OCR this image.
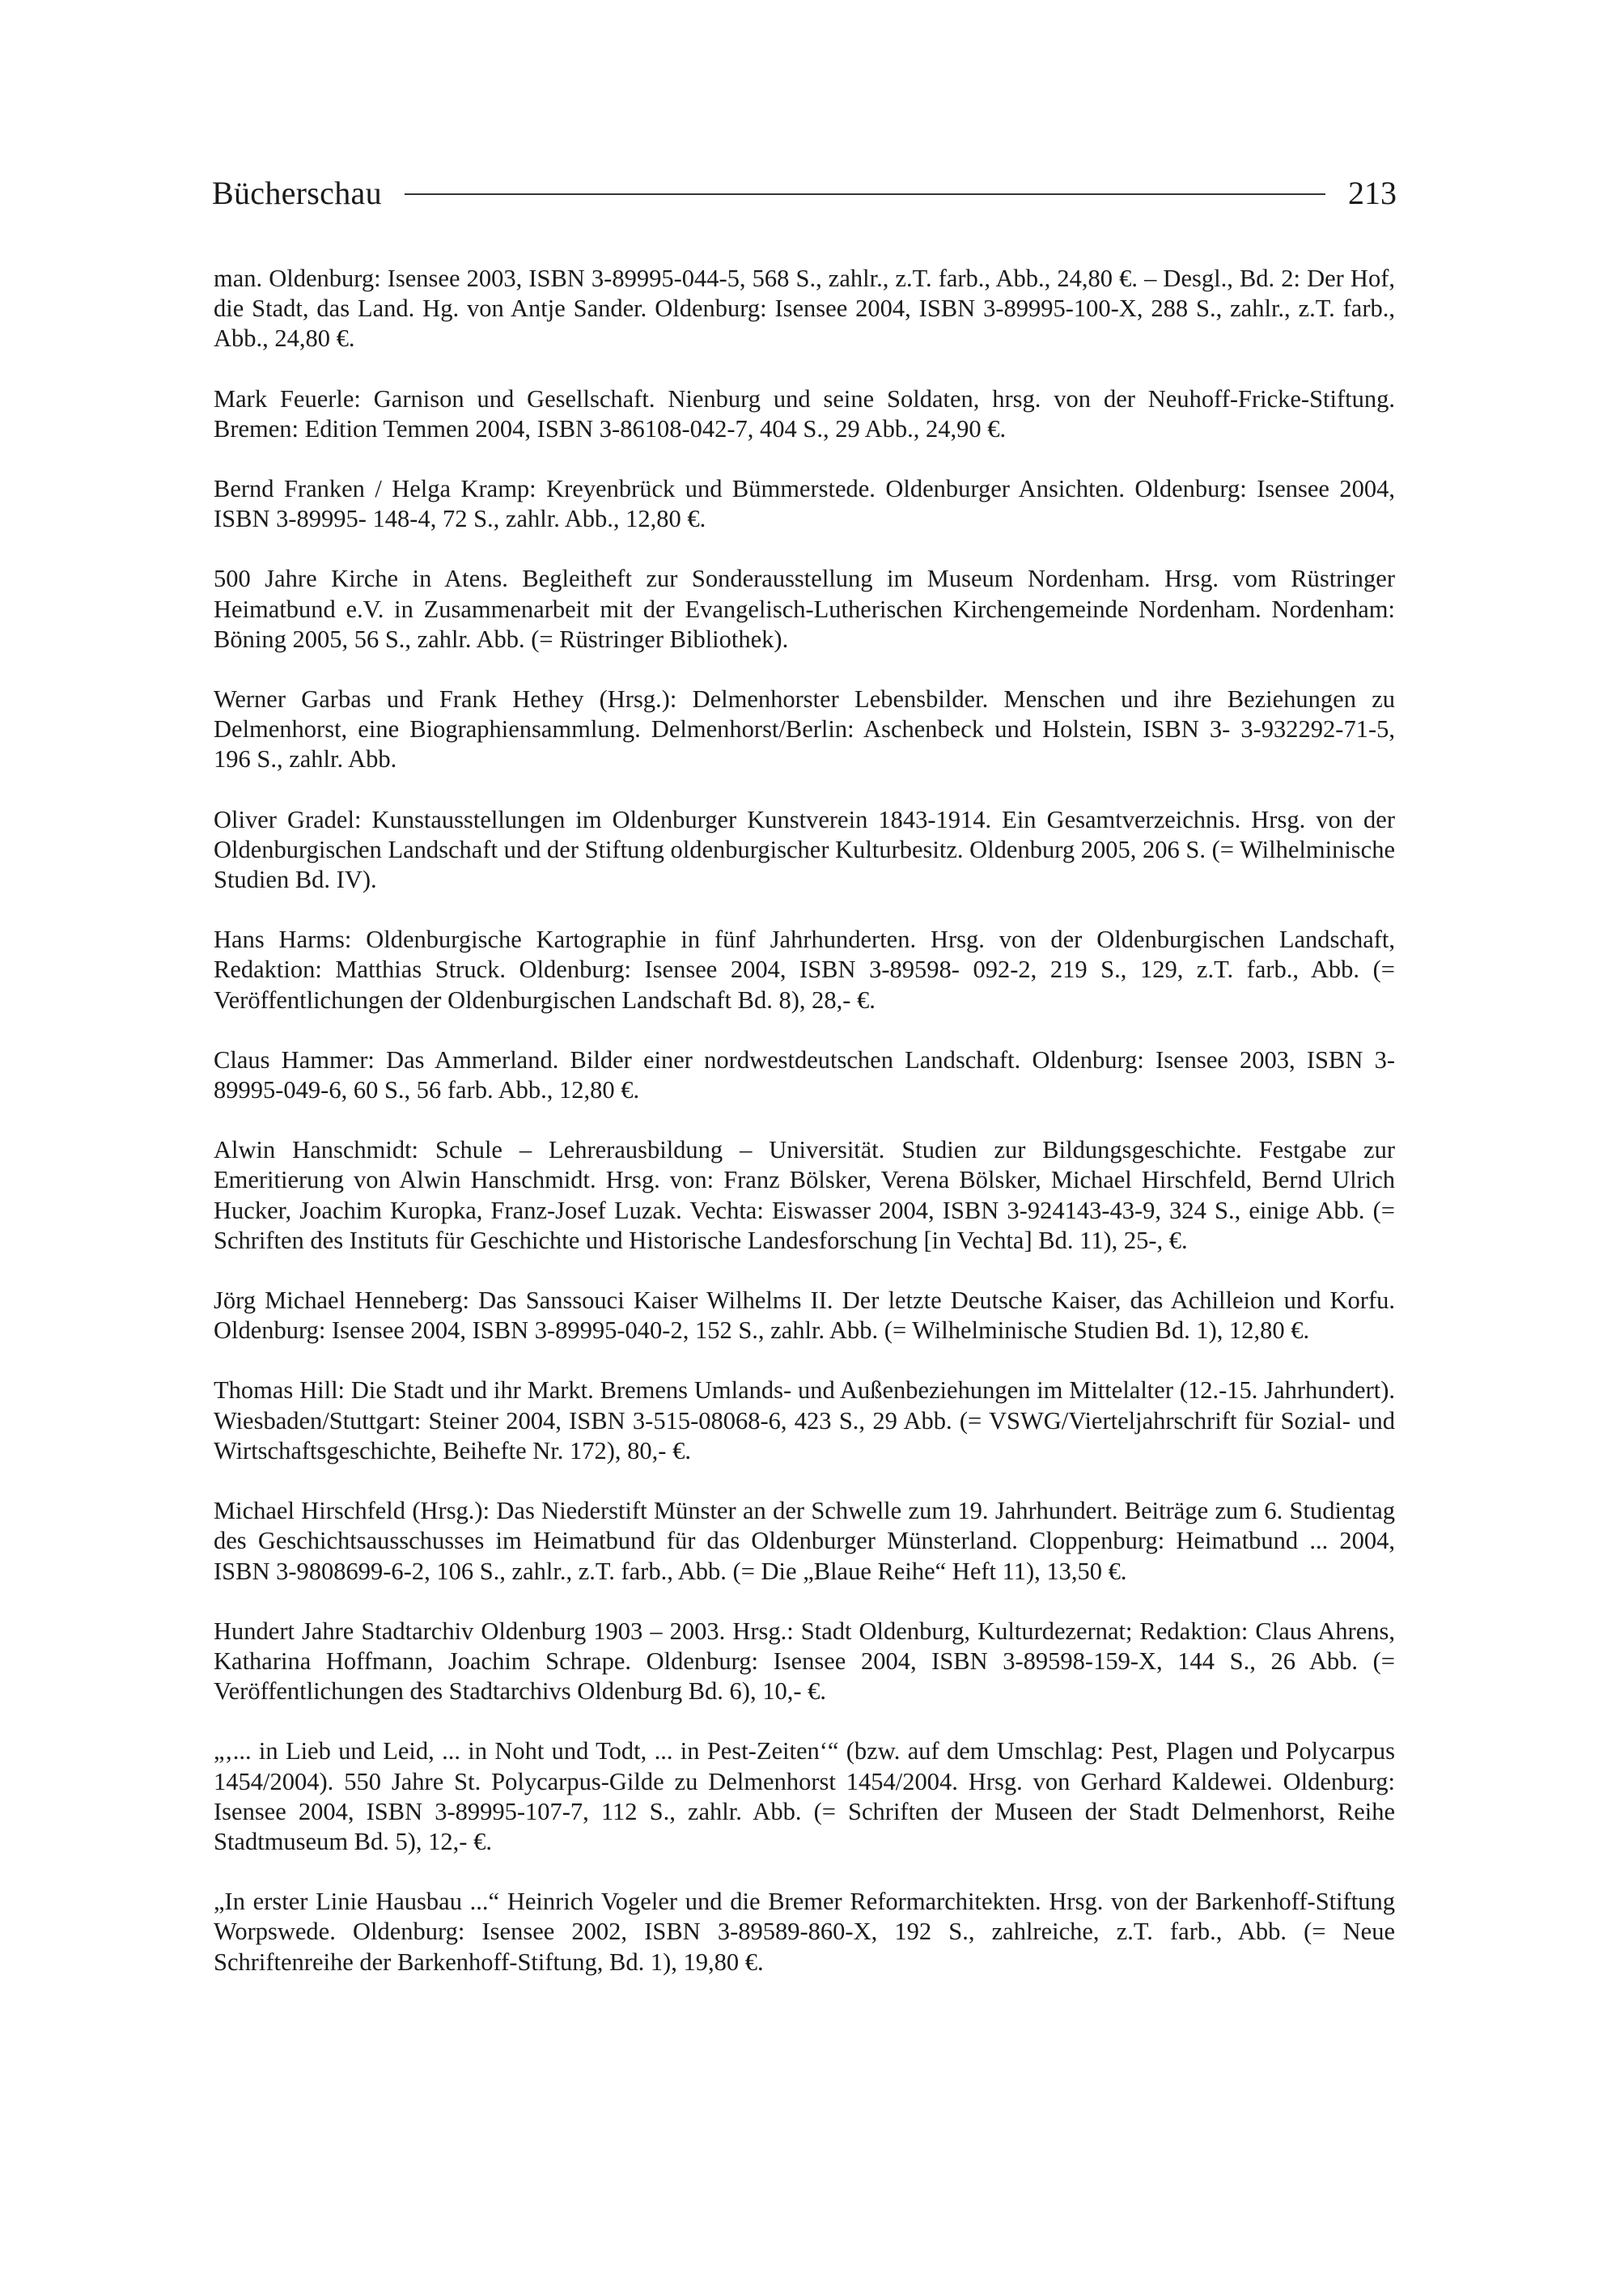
Bücherschau	213

man. Oldenburg: Isensee 2003, ISBN 3-89995-044-5, 568 S., zahlr., z.T. farb., Abb., 24,80 €. – Desgl., Bd. 2: Der Hof, die Stadt, das Land. Hg. von Antje Sander. Oldenburg: Isensee 2004, ISBN 3-89995-100-X, 288 S., zahlr., z.T. farb., Abb., 24,80 €.

Mark Feuerle: Garnison und Gesellschaft. Nienburg und seine Soldaten, hrsg. von der Neuhoff-Fricke-Stiftung. Bremen: Edition Temmen 2004, ISBN 3-86108-042-7, 404 S., 29 Abb., 24,90 €.

Bernd Franken / Helga Kramp: Kreyenbrück und Bümmerstede. Oldenburger Ansichten. Oldenburg: Isensee 2004, ISBN 3-89995- 148-4, 72 S., zahlr. Abb., 12,80 €.

500 Jahre Kirche in Atens. Begleitheft zur Sonderausstellung im Museum Nordenham. Hrsg. vom Rüstringer Heimatbund e.V. in Zusammenarbeit mit der Evangelisch-Lutherischen Kirchengemeinde Nordenham. Nordenham: Böning 2005, 56 S., zahlr. Abb. (= Rüstringer Bibliothek).

Werner Garbas und Frank Hethey (Hrsg.): Delmenhorster Lebensbilder. Menschen und ihre Beziehungen zu Delmenhorst, eine Biographiensammlung. Delmenhorst/Berlin: Aschenbeck und Holstein, ISBN 3- 3-932292-71-5, 196 S., zahlr. Abb.

Oliver Gradel: Kunstausstellungen im Oldenburger Kunstverein 1843-1914. Ein Gesamtverzeichnis. Hrsg. von der Oldenburgischen Landschaft und der Stiftung oldenburgischer Kulturbesitz. Oldenburg 2005, 206 S. (= Wilhelminische Studien Bd. IV).

Hans Harms: Oldenburgische Kartographie in fünf Jahrhunderten. Hrsg. von der Oldenburgischen Landschaft, Redaktion: Matthias Struck. Oldenburg: Isensee 2004, ISBN 3-89598- 092-2, 219 S., 129, z.T. farb., Abb. (= Veröffentlichungen der Oldenburgischen Landschaft Bd. 8), 28,- €.

Claus Hammer: Das Ammerland. Bilder einer nordwestdeutschen Landschaft. Oldenburg: Isensee 2003, ISBN 3-89995-049-6, 60 S., 56 farb. Abb., 12,80 €.

Alwin Hanschmidt: Schule – Lehrerausbildung – Universität. Studien zur Bildungsgeschichte. Festgabe zur Emeritierung von Alwin Hanschmidt. Hrsg. von: Franz Bölsker, Verena Bölsker, Michael Hirschfeld, Bernd Ulrich Hucker, Joachim Kuropka, Franz-Josef Luzak. Vechta: Eiswasser 2004, ISBN 3-924143-43-9, 324 S., einige Abb. (= Schriften des Instituts für Geschichte und Historische Landesforschung [in Vechta] Bd. 11), 25-, €.

Jörg Michael Henneberg: Das Sanssouci Kaiser Wilhelms II. Der letzte Deutsche Kaiser, das Achilleion und Korfu. Oldenburg: Isensee 2004, ISBN 3-89995-040-2, 152 S., zahlr. Abb. (= Wilhelminische Studien Bd. 1), 12,80 €.

Thomas Hill: Die Stadt und ihr Markt. Bremens Umlands- und Außenbeziehungen im Mittelalter (12.-15. Jahrhundert). Wiesbaden/Stuttgart: Steiner 2004, ISBN 3-515-08068-6, 423 S., 29 Abb. (= VSWG/Vierteljahrschrift für Sozial- und Wirtschaftsgeschichte, Beihefte Nr. 172), 80,- €.

Michael Hirschfeld (Hrsg.): Das Niederstift Münster an der Schwelle zum 19. Jahrhundert. Beiträge zum 6. Studientag des Geschichtsausschusses im Heimatbund für das Oldenburger Münsterland. Cloppenburg: Heimatbund ... 2004, ISBN 3-9808699-6-2, 106 S., zahlr., z.T. farb., Abb. (= Die „Blaue Reihe“ Heft 11), 13,50 €.

Hundert Jahre Stadtarchiv Oldenburg 1903 – 2003. Hrsg.: Stadt Oldenburg, Kulturdezernat; Redaktion: Claus Ahrens, Katharina Hoffmann, Joachim Schrape. Oldenburg: Isensee 2004, ISBN 3-89598-159-X, 144 S., 26 Abb. (= Veröffentlichungen des Stadtarchivs Oldenburg Bd. 6), 10,- €.

„‚... in Lieb und Leid, ... in Noht und Todt, ... in Pest-Zeiten‘“ (bzw. auf dem Umschlag: Pest, Plagen und Polycarpus 1454/2004). 550 Jahre St. Polycarpus-Gilde zu Delmenhorst 1454/2004. Hrsg. von Gerhard Kaldewei. Oldenburg: Isensee 2004, ISBN 3-89995-107-7, 112 S., zahlr. Abb. (= Schriften der Museen der Stadt Delmenhorst, Reihe Stadtmuseum Bd. 5), 12,- €.

„In erster Linie Hausbau ...“ Heinrich Vogeler und die Bremer Reformarchitekten. Hrsg. von der Barkenhoff-Stiftung Worpswede. Oldenburg: Isensee 2002, ISBN 3-89589-860-X, 192 S., zahlreiche, z.T. farb., Abb. (= Neue Schriftenreihe der Barkenhoff-Stiftung, Bd. 1), 19,80 €.
